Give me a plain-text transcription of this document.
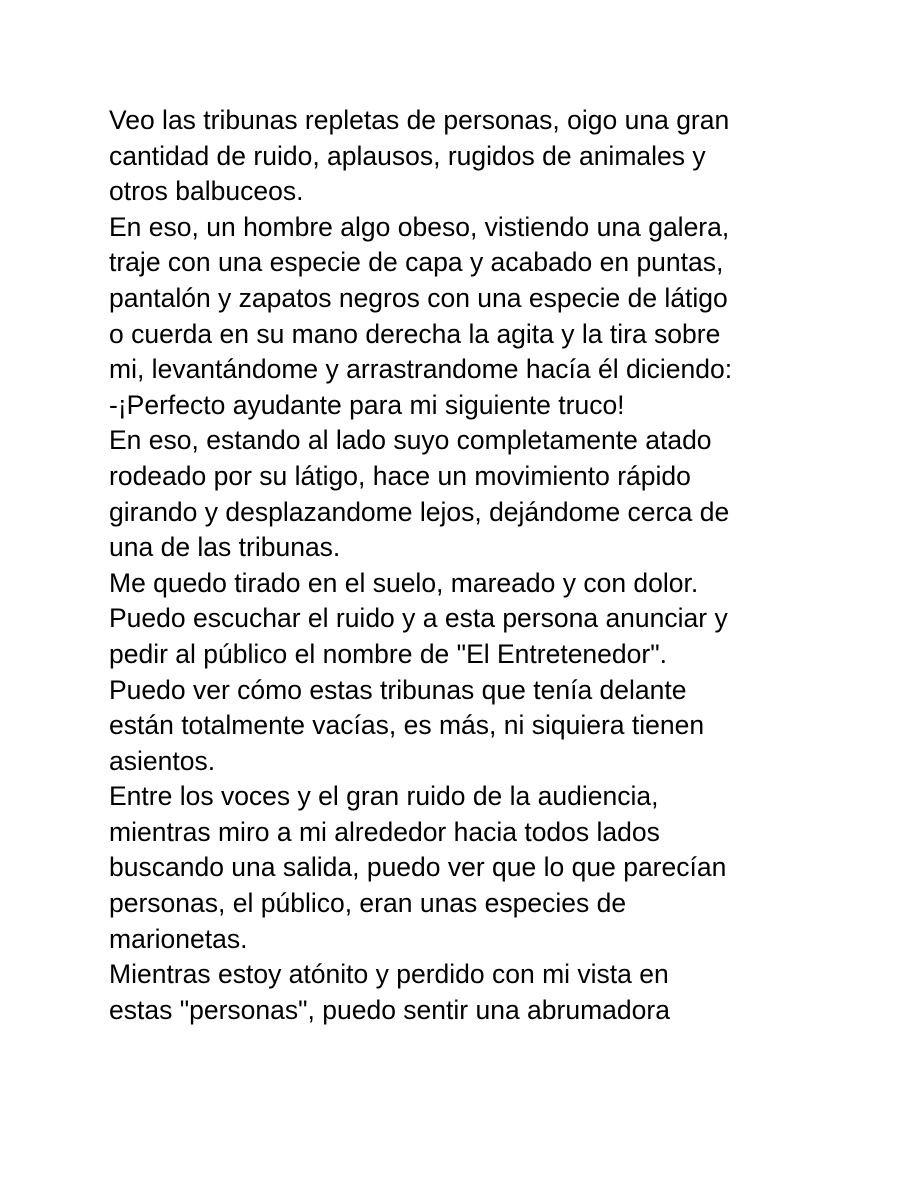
Veo las tribunas repletas de personas, oigo una gran
cantidad de ruido, aplausos, rugidos de animales y
otros balbuceos.
En eso, un hombre algo obeso, vistiendo una galera,
traje con una especie de capa y acabado en puntas,
pantalón y zapatos negros con una especie de látigo
o cuerda en su mano derecha la agita y la tira sobre
mi, levantándome y arrastrandome hacía él diciendo:
-¡Perfecto ayudante para mi siguiente truco!
En eso, estando al lado suyo completamente atado
rodeado por su látigo, hace un movimiento rápido
girando y desplazandome lejos, dejándome cerca de
una de las tribunas.
Me quedo tirado en el suelo, mareado y con dolor.
Puedo escuchar el ruido y a esta persona anunciar y
pedir al público el nombre de "El Entretenedor".
Puedo ver cómo estas tribunas que tenía delante
están totalmente vacías, es más, ni siquiera tienen
asientos.
Entre los voces y el gran ruido de la audiencia,
mientras miro a mi alrededor hacia todos lados
buscando una salida, puedo ver que lo que parecían
personas, el público, eran unas especies de
marionetas.
Mientras estoy atónito y perdido con mi vista en
estas "personas", puedo sentir una abrumadora
